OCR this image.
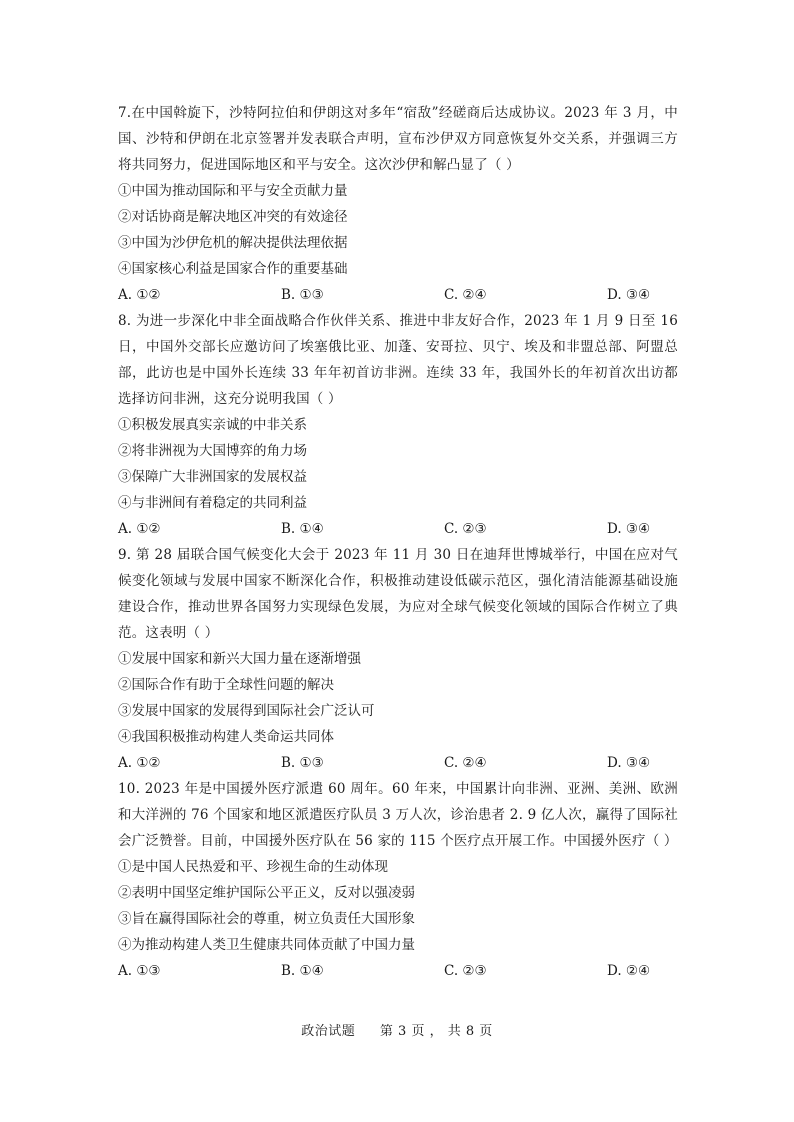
7.在中国斡旋下，沙特阿拉伯和伊朗这对多年“宿敌”经磋商后达成协议。2023 年 3 月，中国、沙特和伊朗在北京签署并发表联合声明，宣布沙伊双方同意恢复外交关系，并强调三方将共同努力，促进国际地区和平与安全。这次沙伊和解凸显了（ ）

①中国为推动国际和平与安全贡献力量

②对话协商是解决地区冲突的有效途径

③中国为沙伊危机的解决提供法理依据

④国家核心利益是国家合作的重要基础

A. ①②	B. ①③	C. ②④	D. ③④

8. 为进一步深化中非全面战略合作伙伴关系、推进中非友好合作，2023 年 1 月 9 日至 16 日，中国外交部长应邀访问了埃塞俄比亚、加蓬、安哥拉、贝宁、埃及和非盟总部、阿盟总部，此访也是中国外长连续 33 年年初首访非洲。连续 33 年，我国外长的年初首次出访都选择访问非洲，这充分说明我国（ ）

①积极发展真实亲诚的中非关系

②将非洲视为大国博弈的角力场

③保障广大非洲国家的发展权益

④与非洲间有着稳定的共同利益

A. ①②	B. ①④	C. ②③	D. ③④

9. 第 28 届联合国气候变化大会于 2023 年 11 月 30 日在迪拜世博城举行，中国在应对气候变化领域与发展中国家不断深化合作，积极推动建设低碳示范区，强化清洁能源基础设施建设合作，推动世界各国努力实现绿色发展，为应对全球气候变化领域的国际合作树立了典范。这表明（ ）

①发展中国家和新兴大国力量在逐渐增强

②国际合作有助于全球性问题的解决

③发展中国家的发展得到国际社会广泛认可

④我国积极推动构建人类命运共同体

A. ①②	B. ①③	C. ②④	D. ③④

10. 2023 年是中国援外医疗派遣 60 周年。60 年来，中国累计向非洲、亚洲、美洲、欧洲和大洋洲的 76 个国家和地区派遣医疗队员 3 万人次，诊治患者 2. 9 亿人次，赢得了国际社会广泛赞誉。目前，中国援外医疗队在 56 家的 115 个医疗点开展工作。中国援外医疗（ ）

①是中国人民热爱和平、珍视生命的生动体现

②表明中国坚定维护国际公平正义，反对以强凌弱

③旨在赢得国际社会的尊重，树立负责任大国形象

④为推动构建人类卫生健康共同体贡献了中国力量

A. ①③	B. ①④	C. ②③	D. ②④
政治试题 第 3 页 ， 共 8 页
